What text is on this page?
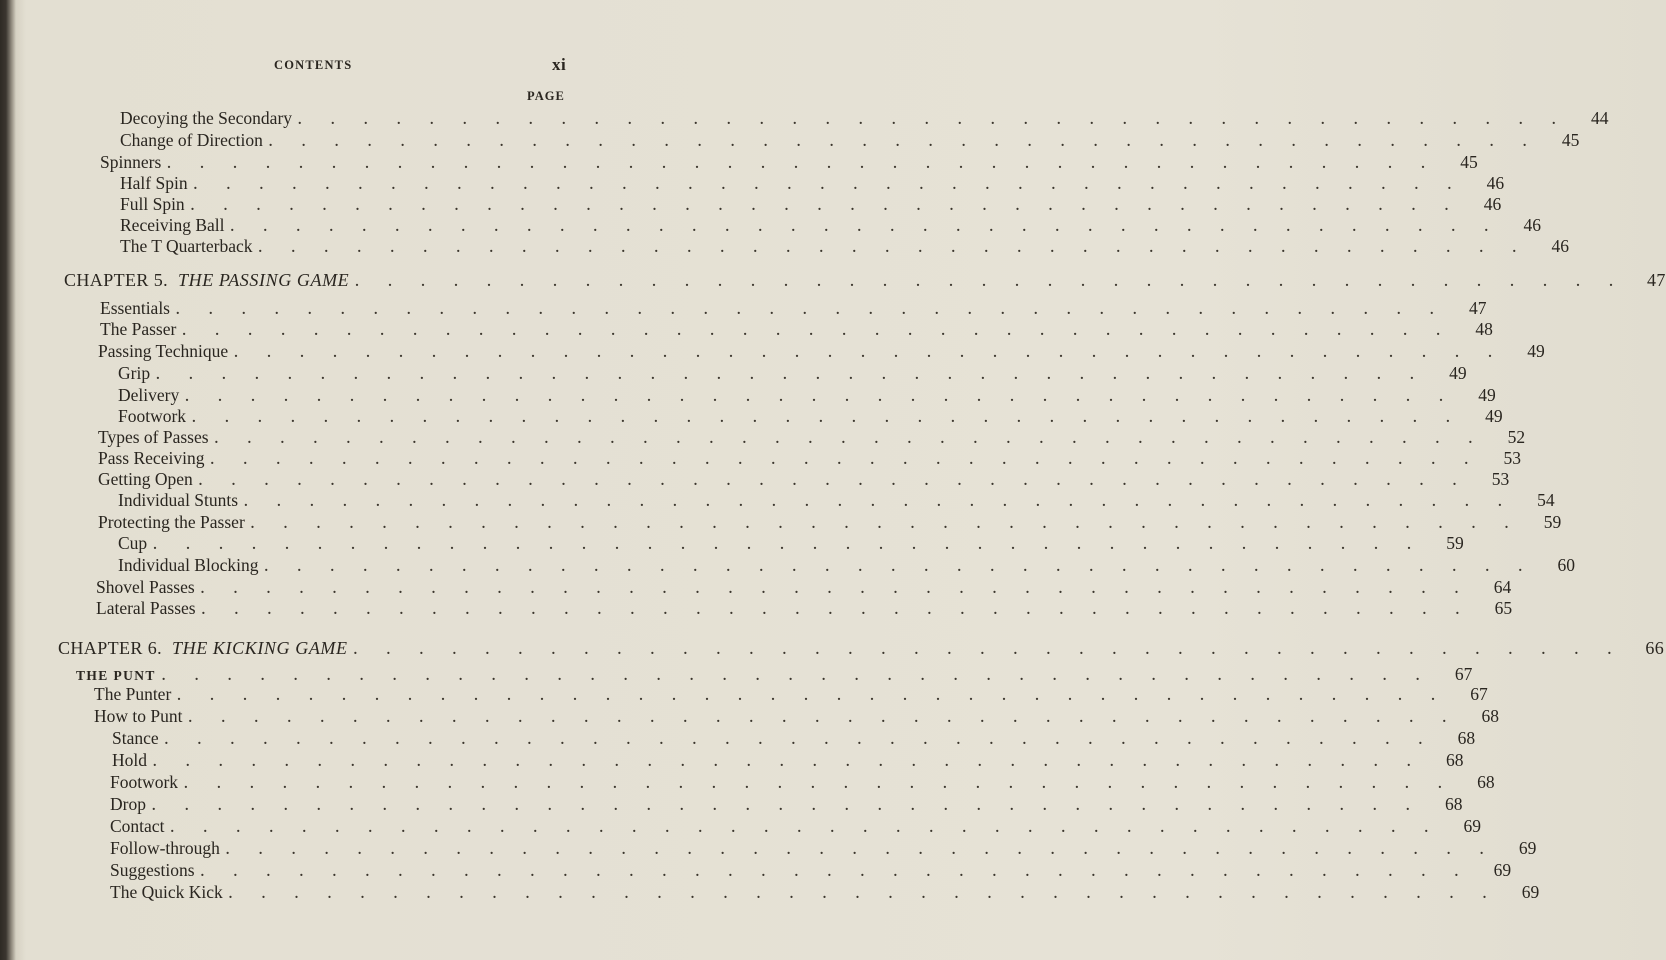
CONTENTS	xi
PAGE
Decoying the Secondary . . . . . . . . . . . . . . . . . . . . . . . . . . . . . . . . . . . . . . .	44
Change of Direction . . . . . . . . . . . . . . . . . . . . . . . . . . . . . . . . . . . . . . .	45
Spinners . . . . . . . . . . . . . . . . . . . . . . . . . . . . . . . . . . . . . . .	45
Half Spin . . . . . . . . . . . . . . . . . . . . . . . . . . . . . . . . . . . . . . .	46
Full Spin . . . . . . . . . . . . . . . . . . . . . . . . . . . . . . . . . . . . . . .	46
Receiving Ball . . . . . . . . . . . . . . . . . . . . . . . . . . . . . . . . . . . . . . .	46
The T Quarterback . . . . . . . . . . . . . . . . . . . . . . . . . . . . . . . . . . . . . . .	46
CHAPTER 5. THE PASSING GAME . . . . . . . . . . . . . . . . . . . . . . . . . . . . . . . . . . . . . . .	47
Essentials . . . . . . . . . . . . . . . . . . . . . . . . . . . . . . . . . . . . . . .	47
The Passer . . . . . . . . . . . . . . . . . . . . . . . . . . . . . . . . . . . . . . .	48
Passing Technique . . . . . . . . . . . . . . . . . . . . . . . . . . . . . . . . . . . . . . .	49
Grip . . . . . . . . . . . . . . . . . . . . . . . . . . . . . . . . . . . . . . .	49
Delivery . . . . . . . . . . . . . . . . . . . . . . . . . . . . . . . . . . . . . . .	49
Footwork . . . . . . . . . . . . . . . . . . . . . . . . . . . . . . . . . . . . . . .	49
Types of Passes . . . . . . . . . . . . . . . . . . . . . . . . . . . . . . . . . . . . . . .	52
Pass Receiving . . . . . . . . . . . . . . . . . . . . . . . . . . . . . . . . . . . . . . .	53
Getting Open . . . . . . . . . . . . . . . . . . . . . . . . . . . . . . . . . . . . . . .	53
Individual Stunts . . . . . . . . . . . . . . . . . . . . . . . . . . . . . . . . . . . . . . .	54
Protecting the Passer . . . . . . . . . . . . . . . . . . . . . . . . . . . . . . . . . . . . . . .	59
Cup . . . . . . . . . . . . . . . . . . . . . . . . . . . . . . . . . . . . . . .	59
Individual Blocking . . . . . . . . . . . . . . . . . . . . . . . . . . . . . . . . . . . . . . .	60
Shovel Passes . . . . . . . . . . . . . . . . . . . . . . . . . . . . . . . . . . . . . . .	64
Lateral Passes . . . . . . . . . . . . . . . . . . . . . . . . . . . . . . . . . . . . . . .	65
CHAPTER 6. THE KICKING GAME . . . . . . . . . . . . . . . . . . . . . . . . . . . . . . . . . . . . . . .	66
THE PUNT . . . . . . . . . . . . . . . . . . . . . . . . . . . . . . . . . . . . . . .	67
The Punter . . . . . . . . . . . . . . . . . . . . . . . . . . . . . . . . . . . . . . .	67
How to Punt . . . . . . . . . . . . . . . . . . . . . . . . . . . . . . . . . . . . . . .	68
Stance . . . . . . . . . . . . . . . . . . . . . . . . . . . . . . . . . . . . . . .	68
Hold . . . . . . . . . . . . . . . . . . . . . . . . . . . . . . . . . . . . . . .	68
Footwork . . . . . . . . . . . . . . . . . . . . . . . . . . . . . . . . . . . . . . .	68
Drop . . . . . . . . . . . . . . . . . . . . . . . . . . . . . . . . . . . . . . .	68
Contact . . . . . . . . . . . . . . . . . . . . . . . . . . . . . . . . . . . . . . .	69
Follow-through . . . . . . . . . . . . . . . . . . . . . . . . . . . . . . . . . . . . . . .	69
Suggestions . . . . . . . . . . . . . . . . . . . . . . . . . . . . . . . . . . . . . . .	69
The Quick Kick . . . . . . . . . . . . . . . . . . . . . . . . . . . . . . . . . . . . . . .	69
